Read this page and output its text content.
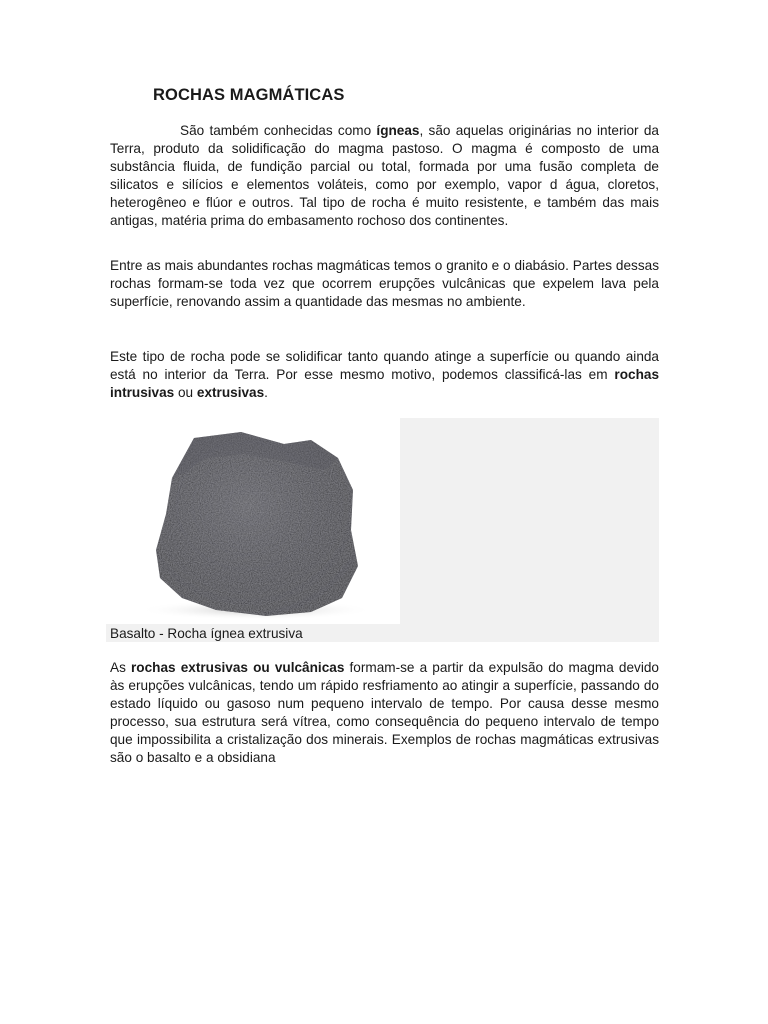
ROCHAS MAGMÁTICAS

São também conhecidas como ígneas, são aquelas originárias no interior da Terra, produto da solidificação do magma pastoso. O magma é composto de uma substância fluida, de fundição parcial ou total, formada por uma fusão completa de silicatos e silícios e elementos voláteis, como por exemplo, vapor d água, cloretos, heterogêneo e flúor e outros. Tal tipo de rocha é muito resistente, e também das mais antigas, matéria prima do embasamento rochoso dos continentes.

Entre as mais abundantes rochas magmáticas temos o granito e o diabásio. Partes dessas rochas formam-se toda vez que ocorrem erupções vulcânicas que expelem lava pela superfície, renovando assim a quantidade das mesmas no ambiente.

Este tipo de rocha pode se solidificar tanto quando atinge a superfície ou quando ainda está no interior da Terra. Por esse mesmo motivo, podemos classificá-las em rochas intrusivas ou extrusivas.

Basalto - Rocha ígnea extrusiva

As rochas extrusivas ou vulcânicas formam-se a partir da expulsão do magma devido às erupções vulcânicas, tendo um rápido resfriamento ao atingir a superfície, passando do estado líquido ou gasoso num pequeno intervalo de tempo. Por causa desse mesmo processo, sua estrutura será vítrea, como consequência do pequeno intervalo de tempo que impossibilita a cristalização dos minerais. Exemplos de rochas magmáticas extrusivas são o basalto e a obsidiana
